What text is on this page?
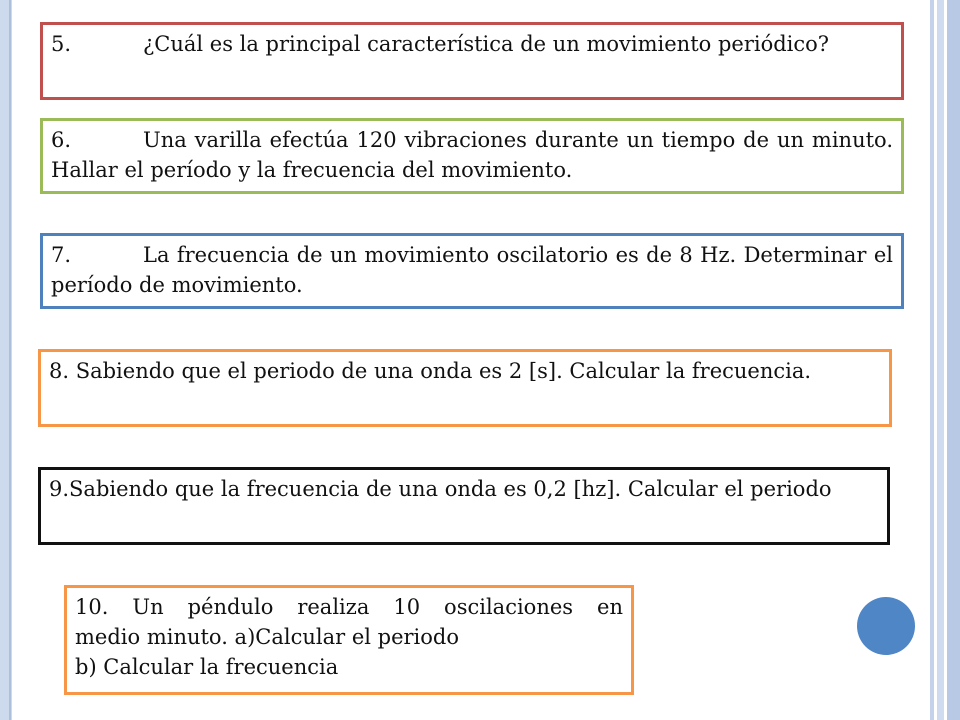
5.	¿Cuál es la principal característica de un movimiento periódico?
6.	Una varilla efectúa 120 vibraciones durante un tiempo de un minuto. Hallar el período y la frecuencia del movimiento.
7.	La frecuencia de un movimiento oscilatorio es de 8 Hz. Determinar el período de movimiento.
8. Sabiendo que el periodo de una onda es 2 [s]. Calcular la frecuencia.
9.Sabiendo que la frecuencia de una onda es 0,2 [hz]. Calcular el periodo
10. Un péndulo realiza 10 oscilaciones en
medio minuto. a)Calcular el periodo
b) Calcular la frecuencia
